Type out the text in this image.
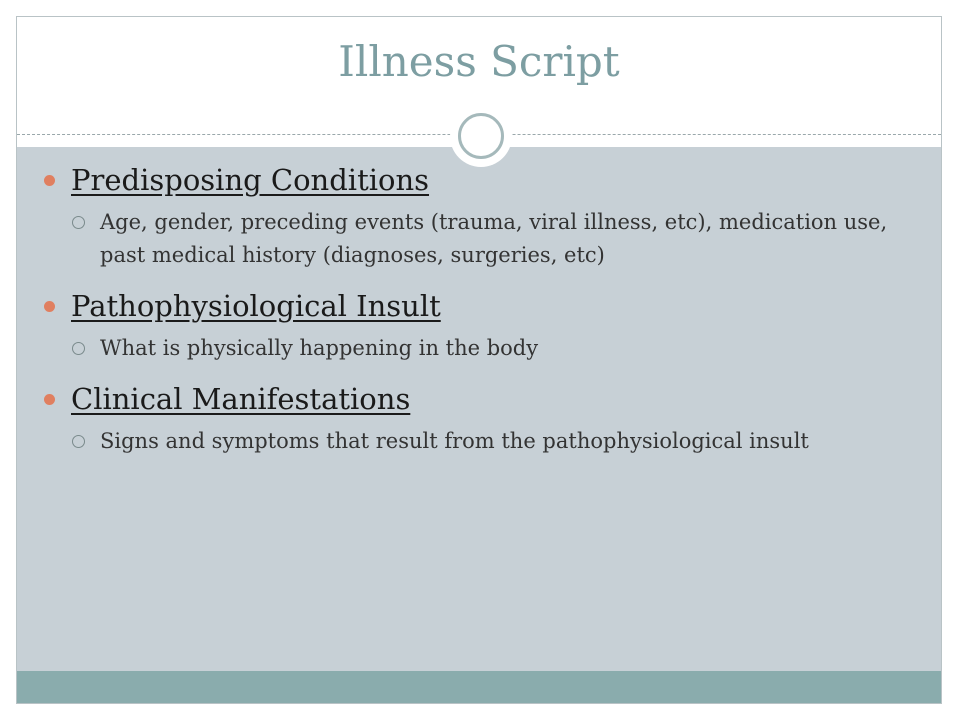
Illness Script
Predisposing Conditions
Age, gender, preceding events (trauma, viral illness, etc), medication use, past medical history (diagnoses, surgeries, etc)
Pathophysiological Insult
What is physically happening in the body
Clinical Manifestations
Signs and symptoms that result from the pathophysiological insult
